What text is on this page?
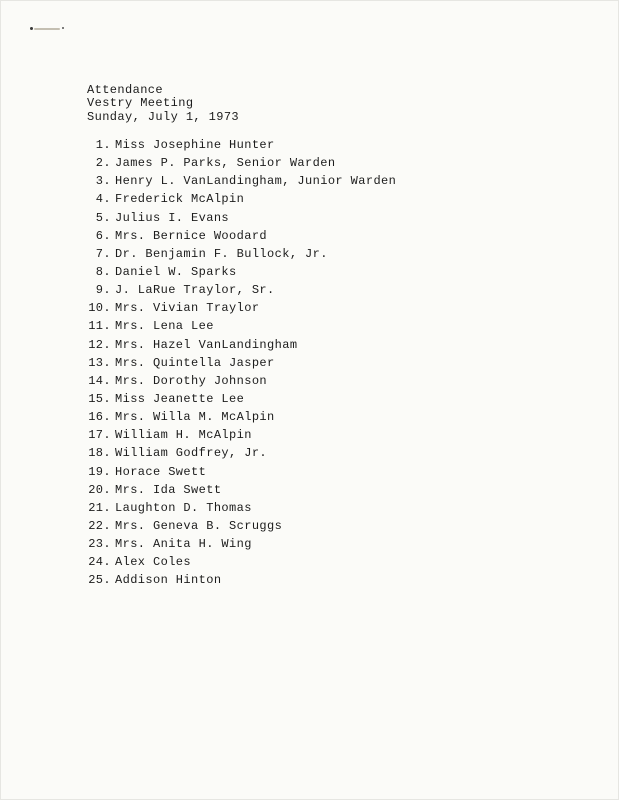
Attendance
Vestry Meeting
Sunday, July 1, 1973
1. Miss Josephine Hunter
2. James P. Parks, Senior Warden
3. Henry L. VanLandingham, Junior Warden
4. Frederick McAlpin
5. Julius I. Evans
6. Mrs. Bernice Woodard
7. Dr. Benjamin F. Bullock, Jr.
8. Daniel W. Sparks
9. J. LaRue Traylor, Sr.
10. Mrs. Vivian Traylor
11. Mrs. Lena Lee
12. Mrs. Hazel VanLandingham
13. Mrs. Quintella Jasper
14. Mrs. Dorothy Johnson
15. Miss Jeanette Lee
16. Mrs. Willa M. McAlpin
17. William H. McAlpin
18. William Godfrey, Jr.
19. Horace Swett
20. Mrs. Ida Swett
21. Laughton D. Thomas
22. Mrs. Geneva B. Scruggs
23. Mrs. Anita H. Wing
24. Alex Coles
25. Addison Hinton
